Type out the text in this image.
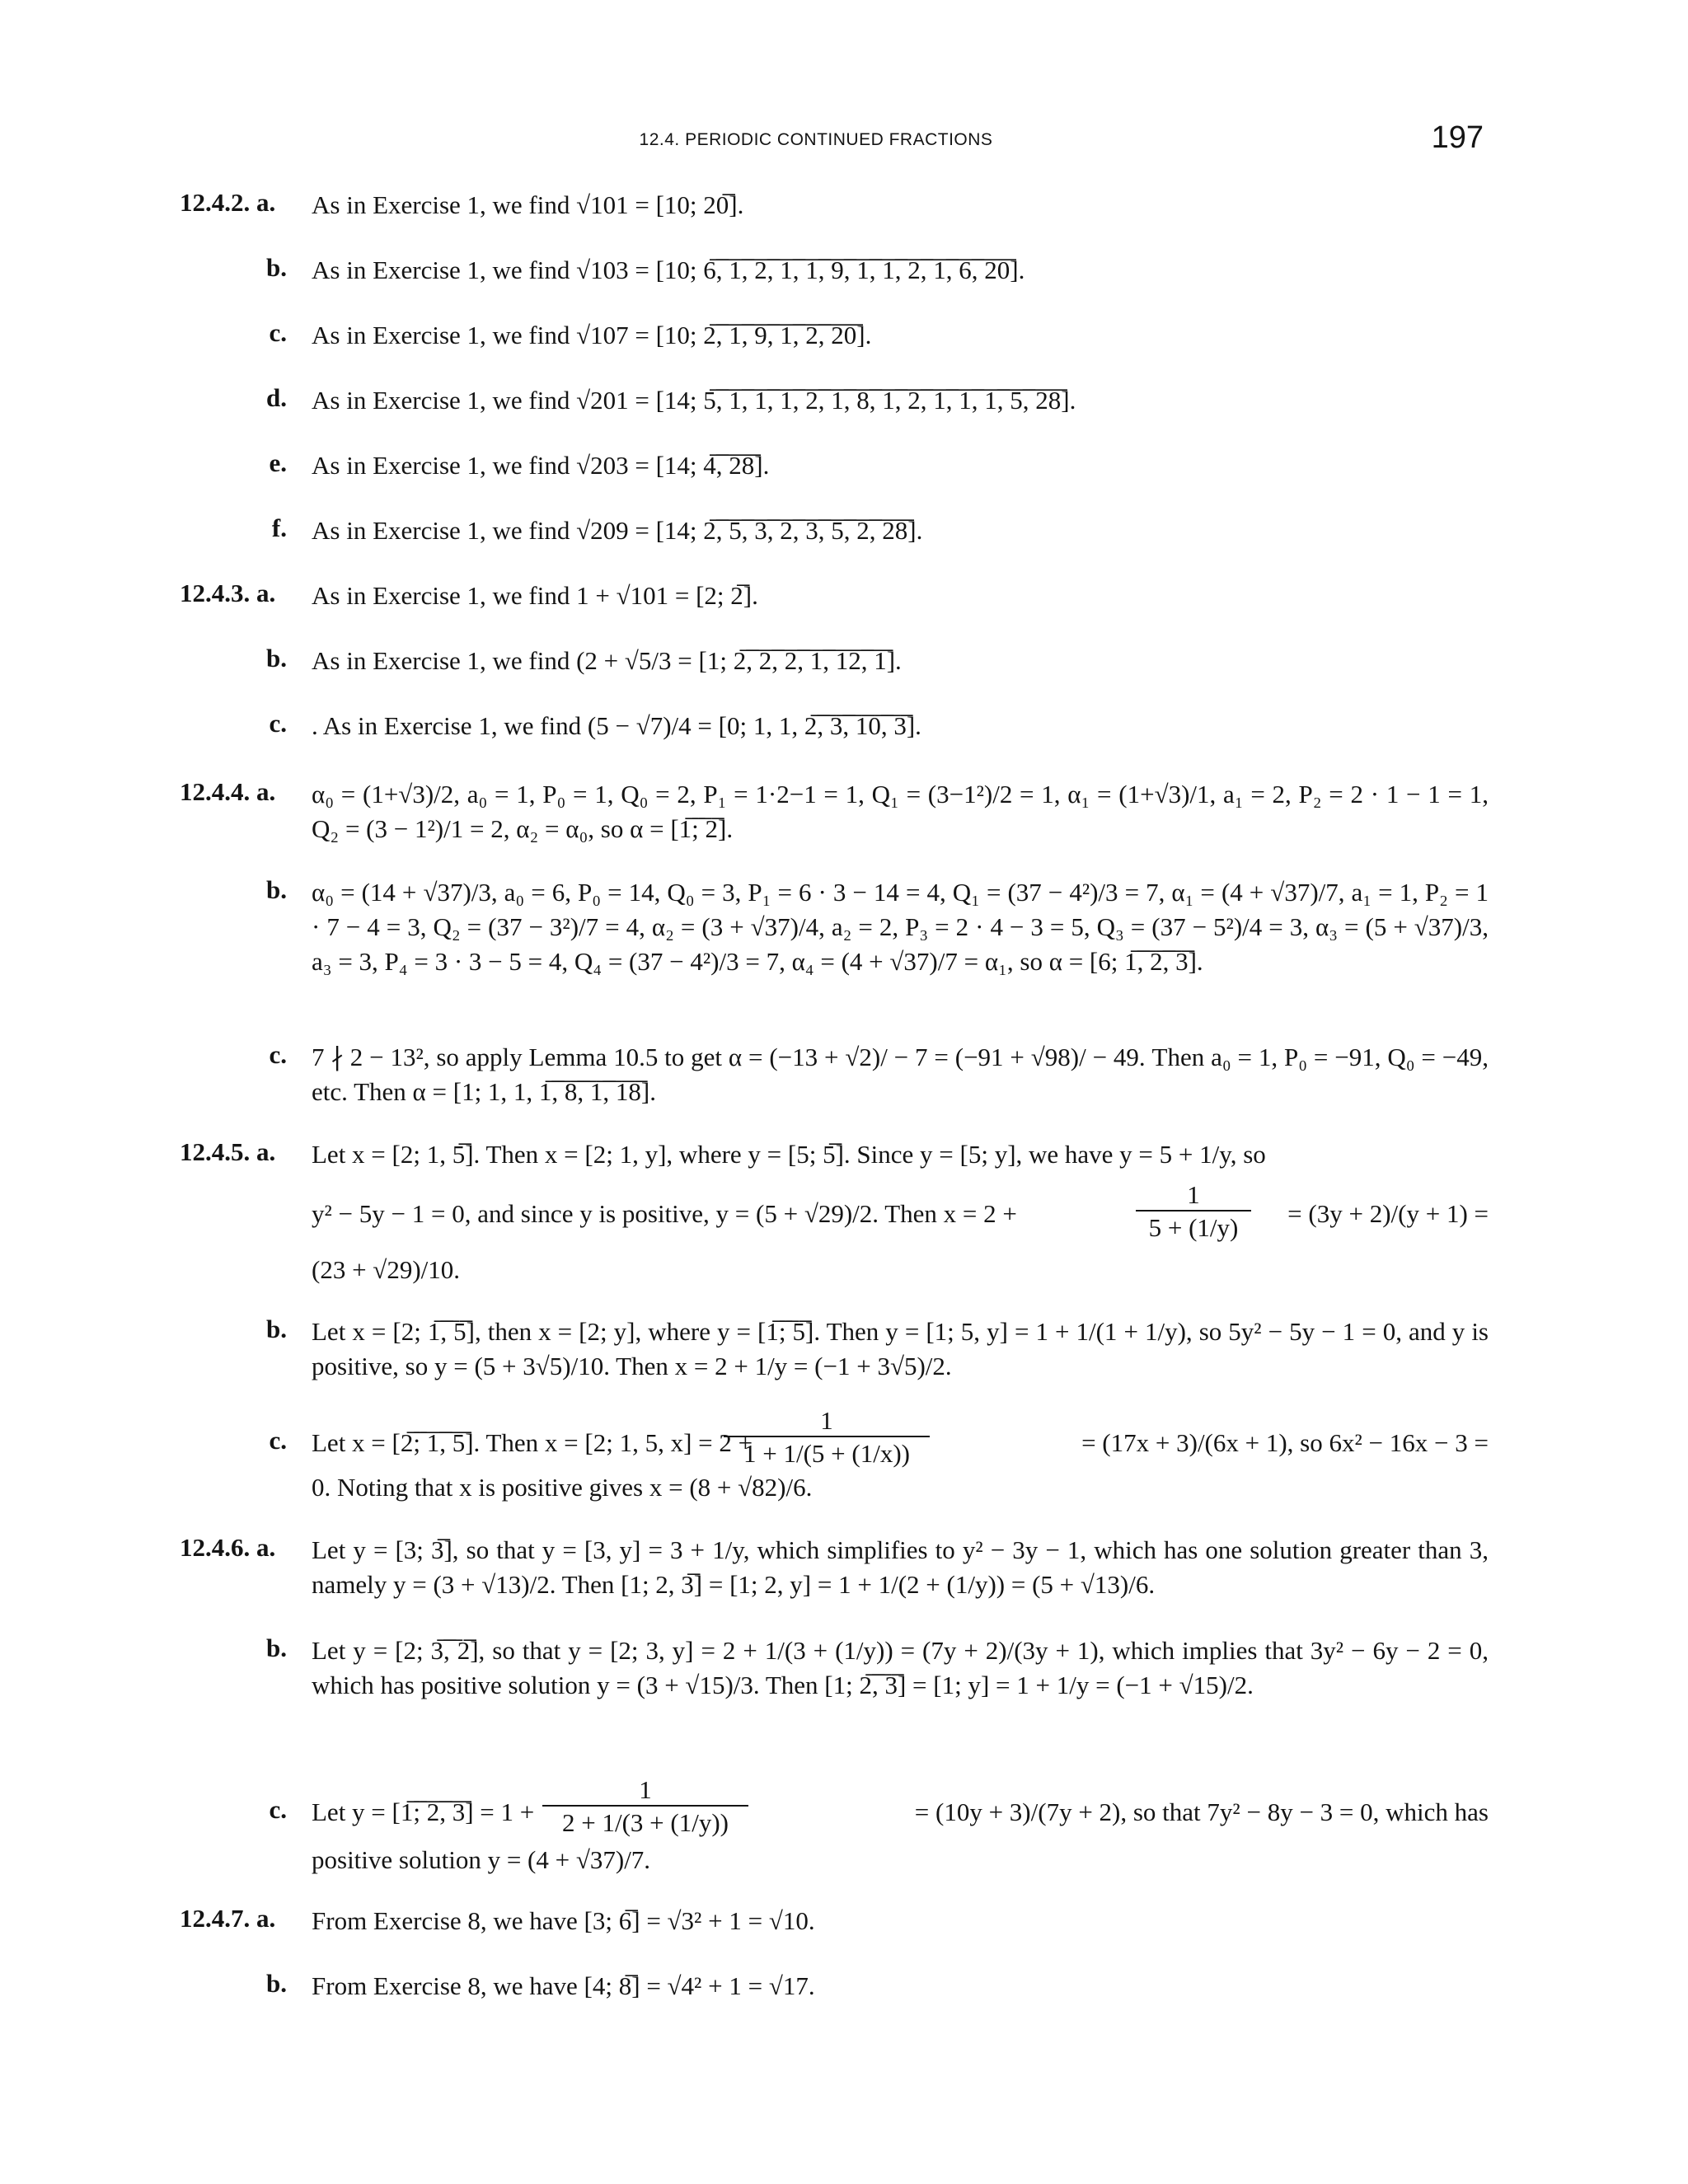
12.4. PERIODIC CONTINUED FRACTIONS	197
12.4.2. a. As in Exercise 1, we find √101 = [10; 20̅].
b. As in Exercise 1, we find √103 = [10; 6̅,̅ ̅1̅,̅ ̅2̅,̅ ̅1̅,̅ ̅1̅,̅ ̅9̅,̅ ̅1̅,̅ ̅1̅,̅ ̅2̅,̅ ̅1̅,̅ ̅6̅,̅ ̅2̅0̅].
c. As in Exercise 1, we find √107 = [10; 2̅,̅ ̅1̅,̅ ̅9̅,̅ ̅1̅,̅ ̅2̅,̅ ̅2̅0̅].
d. As in Exercise 1, we find √201 = [14; 5̅,̅ ̅1̅,̅ ̅1̅,̅ ̅1̅,̅ ̅2̅,̅ ̅1̅,̅ ̅8̅,̅ ̅1̅,̅ ̅2̅,̅ ̅1̅,̅ ̅1̅,̅ ̅1̅,̅ ̅5̅,̅ ̅2̅8̅].
e. As in Exercise 1, we find √203 = [14; 4̅,̅ ̅2̅8̅].
f. As in Exercise 1, we find √209 = [14; 2̅,̅ ̅5̅,̅ ̅3̅,̅ ̅2̅,̅ ̅3̅,̅ ̅5̅,̅ ̅2̅,̅ ̅2̅8̅].
12.4.3. a. As in Exercise 1, we find 1 + √101 = [2; 2̅].
b. As in Exercise 1, we find (2 + √5/3 = [1; 2̅,̅ ̅2̅,̅ ̅2̅,̅ ̅1̅,̅ ̅1̅2̅,̅ ̅1̅].
c. . As in Exercise 1, we find (5 − √7)/4 = [0; 1, 1, 2̅,̅ ̅3̅,̅ ̅1̅0̅,̅ ̅3̅].
12.4.4. a. α₀ = (1+√3)/2, a₀ = 1, P₀ = 1, Q₀ = 2, P₁ = 1·2−1 = 1, Q₁ = (3−1²)/2 = 1, α₁ = (1+√3)/1, a₁ = 2, P₂ = 2 · 1 − 1 = 1, Q₂ = (3 − 1²)/1 = 2, α₂ = α₀, so α = [1̅;̅ ̅2̅].
b. α₀ = (14 + √37)/3, a₀ = 6, P₀ = 14, Q₀ = 3, P₁ = 6 · 3 − 14 = 4, Q₁ = (37 − 4²)/3 = 7, α₁ = (4 + √37)/7, a₁ = 1, P₂ = 1 · 7 − 4 = 3, Q₂ = (37 − 3²)/7 = 4, α₂ = (3 + √37)/4, a₂ = 2, P₃ = 2 · 4 − 3 = 5, Q₃ = (37 − 5²)/4 = 3, α₃ = (5 + √37)/3, a₃ = 3, P₄ = 3 · 3 − 5 = 4, Q₄ = (37 − 4²)/3 = 7, α₄ = (4 + √37)/7 = α₁, so α = [6; 1̅,̅ ̅2̅,̅ ̅3̅].
c. 7 ∤ 2 − 13², so apply Lemma 10.5 to get α = (−13 + √2)/ − 7 = (−91 + √98)/ − 49. Then a₀ = 1, P₀ = −91, Q₀ = −49, etc. Then α = [1; 1, 1, 1̅,̅ ̅8̅,̅ ̅1̅,̅ ̅1̅8̅].
12.4.5. a. Let x = [2; 1, 5̅]. Then x = [2; 1, y], where y = [5; 5̅]. Since y = [5; y], we have y = 5 + 1/y, so
y² − 5y − 1 = 0, and since y is positive, y = (5 + √29)/2. Then x = 2 +	$\frac{1}{5 + (1/y)} = (3y + 2)/(y + 1)$ =
(23 + √29)/10.
b. Let x = [2; 1̅,̅ ̅5̅], then x = [2; y], where y = [1̅;̅ ̅5̅]. Then y = [1; 5, y] = 1 + 1/(1 + 1/y), so 5y² − 5y − 1 = 0, and y is positive, so y = (5 + 3√5)/10. Then x = 2 + 1/y = (−1 + 3√5)/2.
c. Let x = [2̅;̅ ̅1̅,̅ ̅5̅]. Then x = [2; 1, 5, x] = 2 +
$\frac{1}{1 + 1/(5 + (1/x))}$	= (17x + 3)/(6x + 1), so 6x² − 16x − 3 =
0. Noting that x is positive gives x = (8 + √82)/6.
12.4.6. a. Let y = [3; 3̅], so that y = [3, y] = 3 + 1/y, which simplifies to y² − 3y − 1, which has one solution greater than 3, namely y = (3 + √13)/2. Then [1; 2, 3̅] = [1; 2, y] = 1 + 1/(2 + (1/y)) = (5 + √13)/6.
b. Let y = [2; 3̅,̅ ̅2̅], so that y = [2; 3, y] = 2 + 1/(3 + (1/y)) = (7y + 2)/(3y + 1), which implies that 3y² − 6y − 2 = 0, which has positive solution y = (3 + √15)/3. Then [1; 2̅,̅ ̅3̅] = [1; y] = 1 + 1/y = (−1 + √15)/2.
c. Let y = [1̅;̅ ̅2̅,̅ ̅3̅] = $1 + \frac{1}{2 + 1/(3 + (1/y))}$	= (10y + 3)/(7y + 2), so that 7y² − 8y − 3 = 0, which has
positive solution y = (4 + √37)/7.
12.4.7. a. From Exercise 8, we have [3; 6̅] = √3² + 1 = √10.
b. From Exercise 8, we have [4; 8̅] = √4² + 1 = √17.
